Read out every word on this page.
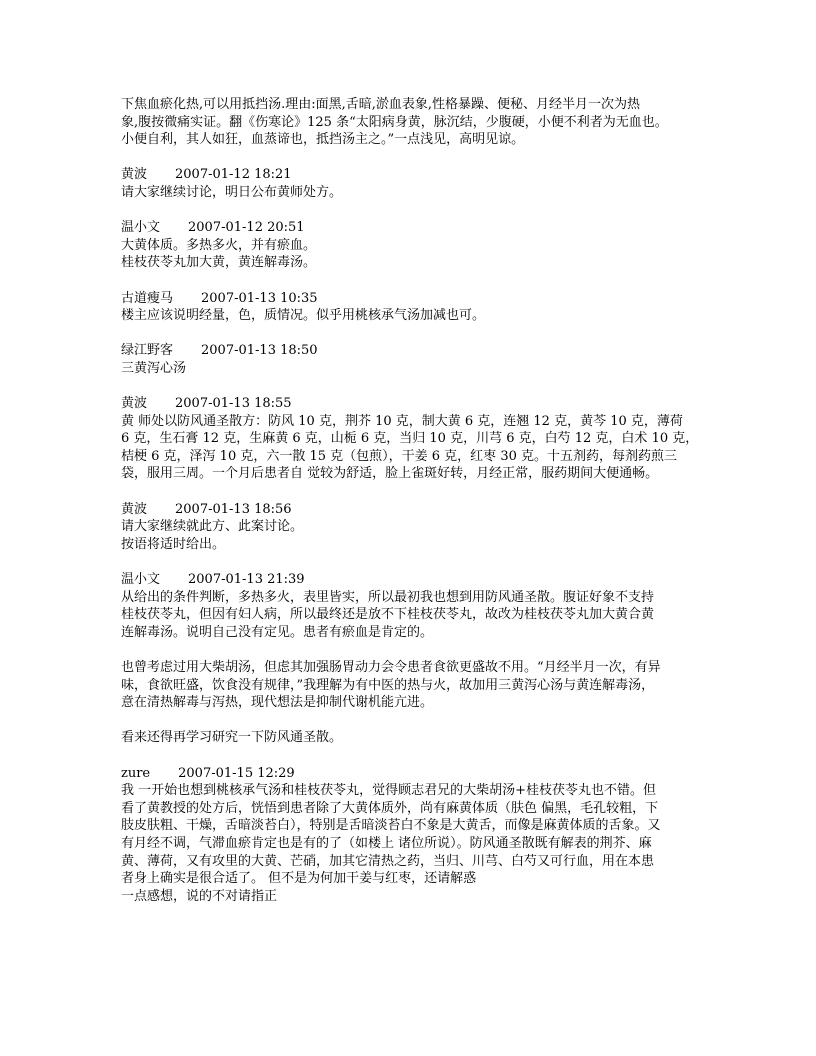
下焦血瘀化热,可以用抵挡汤.理由:面黑,舌暗,淤血表象,性格暴躁、便秘、月经半月一次为热
象,腹按微痛实证。翻《伤寒论》125 条“太阳病身黄，脉沉结，少腹硬，小便不利者为无血也。
小便自利，其人如狂，血蒸谛也，抵挡汤主之。”一点浅见，高明见谅。
黄波 2007-01-12 18:21
请大家继续讨论，明日公布黄师处方。
温小文 2007-01-12 20:51
大黄体质。多热多火，并有瘀血。
桂枝茯苓丸加大黄，黄连解毒汤。
古道瘦马 2007-01-13 10:35
楼主应该说明经量，色，质情况。似乎用桃核承气汤加减也可。
绿江野客 2007-01-13 18:50
三黄泻心汤
黄波 2007-01-13 18:55
黄 师处以防风通圣散方：防风 10 克，荆芥 10 克，制大黄 6 克，连翘 12 克，黄芩 10 克，薄荷
6 克，生石膏 12 克，生麻黄 6 克，山栀 6 克，当归 10 克，川芎 6 克，白芍 12 克，白术 10 克，
桔梗 6 克，泽泻 10 克，六一散 15 克（包煎），干姜 6 克，红枣 30 克。十五剂药，每剂药煎三
袋，服用三周。一个月后患者自 觉较为舒适，脸上雀斑好转，月经正常，服药期间大便通畅。
黄波 2007-01-13 18:56
请大家继续就此方、此案讨论。
按语将适时给出。
温小文 2007-01-13 21:39
从给出的条件判断，多热多火，表里皆实，所以最初我也想到用防风通圣散。腹证好象不支持
桂枝茯苓丸，但因有妇人病，所以最终还是放不下桂枝茯苓丸，故改为桂枝茯苓丸加大黄合黄
连解毒汤。说明自己没有定见。患者有瘀血是肯定的。
也曾考虑过用大柴胡汤，但虑其加强肠胃动力会令患者食欲更盛故不用。“月经半月一次，有异
味，食欲旺盛，饮食没有规律，”我理解为有中医的热与火，故加用三黄泻心汤与黄连解毒汤，
意在清热解毒与泻热，现代想法是抑制代谢机能亢进。
看来还得再学习研究一下防风通圣散。
zure 2007-01-15 12:29
我 一开始也想到桃核承气汤和桂枝茯苓丸，觉得顾志君兄的大柴胡汤+桂枝茯苓丸也不错。但
看了黄教授的处方后，恍悟到患者除了大黄体质外，尚有麻黄体质（肤色 偏黑，毛孔较粗，下
肢皮肤粗、干燥，舌暗淡苔白），特别是舌暗淡苔白不象是大黄舌，而像是麻黄体质的舌象。又
有月经不调，气滞血瘀肯定也是有的了（如楼上 诸位所说）。防风通圣散既有解表的荆芥、麻
黄、薄荷，又有攻里的大黄、芒硝，加其它清热之药，当归、川芎、白芍又可行血，用在本患
者身上确实是很合适了。 但不是为何加干姜与红枣，还请解惑
一点感想，说的不对请指正
